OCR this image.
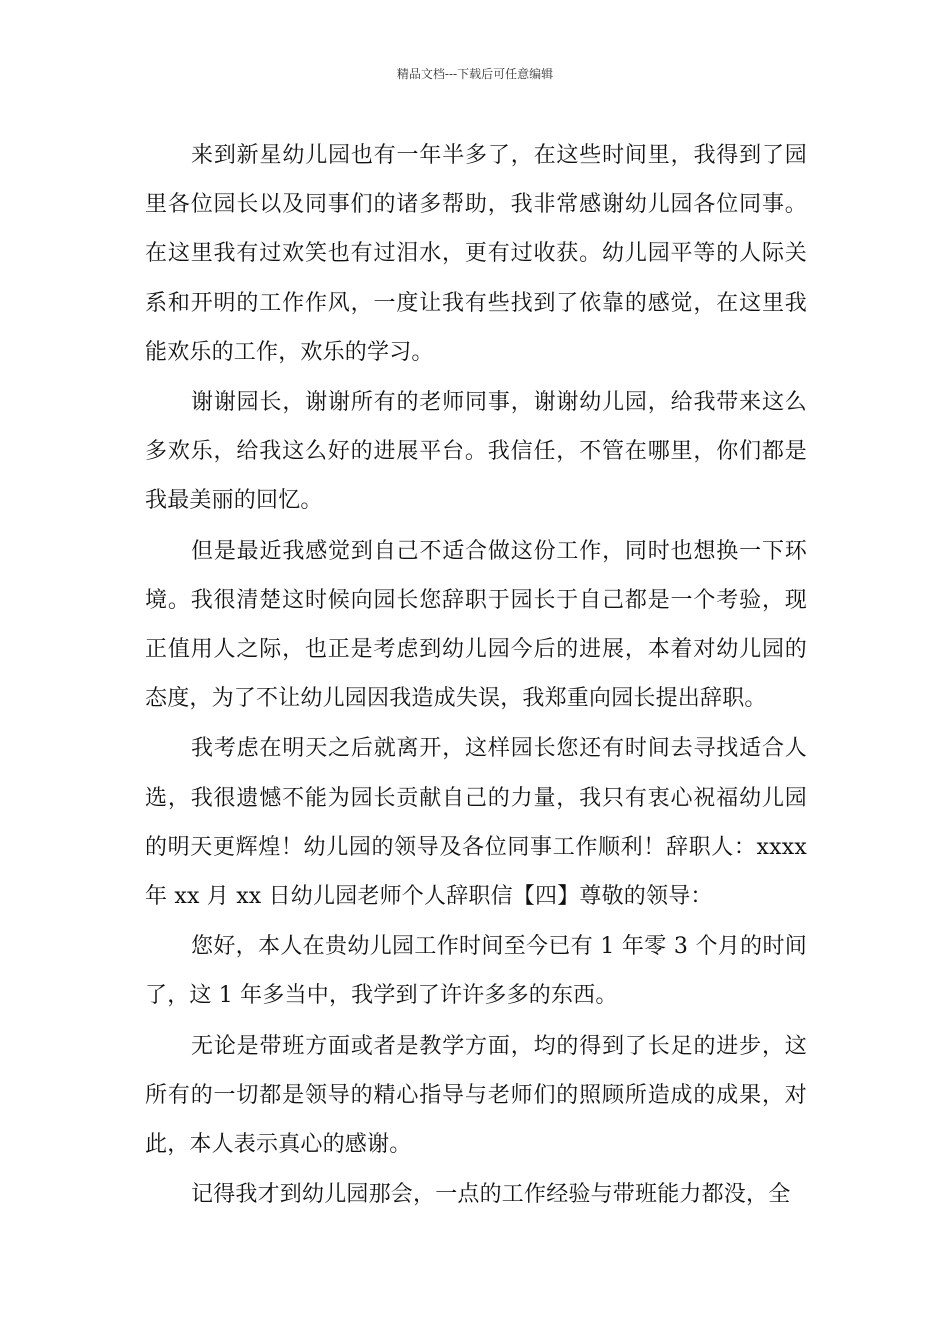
精品文档---下载后可任意编辑

来到新星幼儿园也有一年半多了，在这些时间里，我得到了园里各位园长以及同事们的诸多帮助，我非常感谢幼儿园各位同事。在这里我有过欢笑也有过泪水，更有过收获。幼儿园平等的人际关系和开明的工作作风，一度让我有些找到了依靠的感觉，在这里我能欢乐的工作，欢乐的学习。

谢谢园长，谢谢所有的老师同事，谢谢幼儿园，给我带来这么多欢乐，给我这么好的进展平台。我信任，不管在哪里，你们都是我最美丽的回忆。

但是最近我感觉到自己不适合做这份工作，同时也想换一下环境。我很清楚这时候向园长您辞职于园长于自己都是一个考验，现正值用人之际，也正是考虑到幼儿园今后的进展，本着对幼儿园的态度，为了不让幼儿园因我造成失误，我郑重向园长提出辞职。

我考虑在明天之后就离开，这样园长您还有时间去寻找适合人选，我很遗憾不能为园长贡献自己的力量，我只有衷心祝福幼儿园的明天更辉煌！幼儿园的领导及各位同事工作顺利！辞职人：xxxx 年 xx 月 xx 日幼儿园老师个人辞职信【四】尊敬的领导：

您好，本人在贵幼儿园工作时间至今已有 1 年零 3 个月的时间了，这 1 年多当中，我学到了许许多多的东西。

无论是带班方面或者是教学方面，均的得到了长足的进步，这所有的一切都是领导的精心指导与老师们的照顾所造成的成果，对此，本人表示真心的感谢。

记得我才到幼儿园那会，一点的工作经验与带班能力都没，全
